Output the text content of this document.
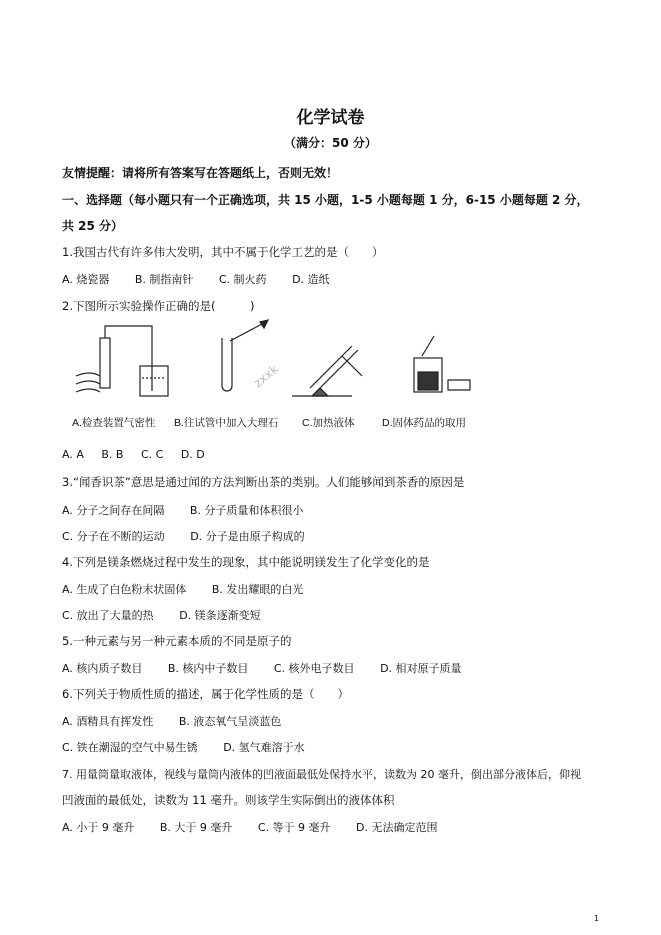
化学试卷
（满分：50 分）
友情提醒：请将所有答案写在答题纸上，否则无效！
一、选择题（每小题只有一个正确选项，共 15 小题，1-5 小题每题 1 分，6-15 小题每题 2 分，
共 25 分）
1.我国古代有许多伟大发明，其中不属于化学工艺的是（　　）
A. 烧瓷器 B. 制指南针 C. 制火药 D. 造纸
2.下图所示实验操作正确的是(　　　)
zxxk
A.检查装置气密性 B.往试管中加入大理石 C.加热液体	D.固体药品的取用
A. A B. B C. C D. D
3.“闻香识茶”意思是通过闻的方法判断出茶的类别。人们能够闻到茶香的原因是
A. 分子之间存在间隔 B. 分子质量和体积很小
C. 分子在不断的运动 D. 分子是由原子构成的
4.下列是镁条燃烧过程中发生的现象，其中能说明镁发生了化学变化的是
A. 生成了白色粉末状固体 B. 发出耀眼的白光
C. 放出了大量的热 D. 镁条逐渐变短
5.一种元素与另一种元素本质的不同是原子的
A. 核内质子数目 B. 核内中子数目 C. 核外电子数目 D. 相对原子质量
6.下列关于物质性质的描述，属于化学性质的是（　　）
A. 酒精具有挥发性 B. 液态氧气呈淡蓝色
C. 铁在潮湿的空气中易生锈 D. 氢气难溶于水
7. 用量筒量取液体，视线与量筒内液体的凹液面最低处保持水平，读数为 20 毫升，倒出部分液体后，仰视
凹液面的最低处，读数为 11 毫升。则该学生实际倒出的液体体积
A. 小于 9 毫升 B. 大于 9 毫升 C. 等于 9 毫升 D. 无法确定范围
1
